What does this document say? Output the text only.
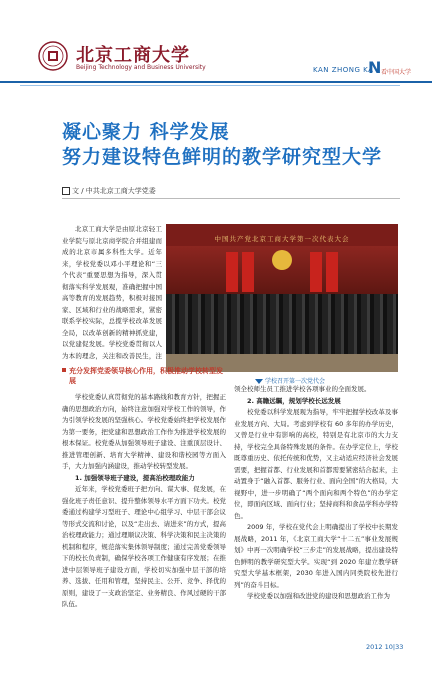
北京工商大学
Beijing Technology and Business University	KAN ZHONG KA
N 看中国大学
凝心聚力 科学发展
努力建设特色鲜明的教学研究型大学
文 / 中共北京工商大学党委

北京工商大学是由原北京轻工业学院与原北京商学院合并组建而成的北京市属多科性大学。近年来，学校党委以邓小平理论和“三个代表”重要思想为指导，深入贯彻落实科学发展观，准确把握中国高等教育的发展趋势，积极对接国家、区域和行业的战略需求，紧密联系学校实际，总揽学校改革发展全局，以改革创新的精神抓党建，以党建促发展。学校党委贯彻以人为本的理念，关注和改善民生，注

中国共产党北京工商大学第一次代表大会
学校召开第一次党代会
充分发挥党委领导核心作用，积极推动学校转型发展

学校党委认真贯彻党的基本路线和教育方针，把握正确的思想政治方向，始终注意加强对学校工作的领导，作为引领学校发展的坚强核心。学校党委始终把学校发展作为第一要务，把党建和思想政治工作作为推进学校发展的根本保证。校党委从加强领导班子建设、注重顶层设计、推进管理创新、培育大学精神、建设和谐校园等方面入手，大力加强内涵建设，推动学校转型发展。

1. 加强领导班子建设，提高治校理政能力

近年来，学校党委班子把方向、谋大事、促发展，在强化班子责任意识、提升整体领导水平方面下功夫。校党委通过构建学习型班子、理论中心组学习、中层干部会议等形式交流和讨论，以及“走出去、请进来”的方式，提高治校理政能力；通过理顺议决策、科学决策和民主决策的机制和程序，规范落实集体领导制度；通过完善党委领导下的校长负责制，确保学校各项工作健康有序发展；在推进中层领导班子建设方面，学校切实加强中层干部的培养、选拔、任用和管理，坚持民主、公开、竞争、择优的原则，建设了一支政治坚定、业务精良、作风过硬的干部队伍。

领全校师生员工推进学校各项事业的全面发展。

2. 高瞻远瞩，规划学校长远发展

校党委以科学发展观为指导，牢牢把握学校改革及事业发展方向、大局。考虑到学校有 60 多年的办学历史，又曾是行业中有影响的高校，特别是有北京市的大力支持，学校完全具备特殊发展的条件。在办学定位上，学校既尊重历史、依托传统和优势，又主动适应经济社会发展需要，把握首都、行业发展和首都需要紧密结合起来，主动置身于“融入首都、服务行业、面向全国”的大格局，大视野中，进一步明确了“两个面向和两个特色”的办学定位，即面向区域、面向行业；坚持商科和食品学科办学特色。

2009 年，学校在党代会上明确提出了学校中长期发展战略，2011 年，《北京工商大学“十二五”事业发展规划》中再一次明确学校“三步走”的发展战略，提出建设特色鲜明的教学研究型大学。实现“到 2020 年建立教学研究型大学基本框架，2030 年进入国内同类院校先进行列”的奋斗目标。

学校党委以加强和改进党的建设和思想政治工作为

2012 10|33
